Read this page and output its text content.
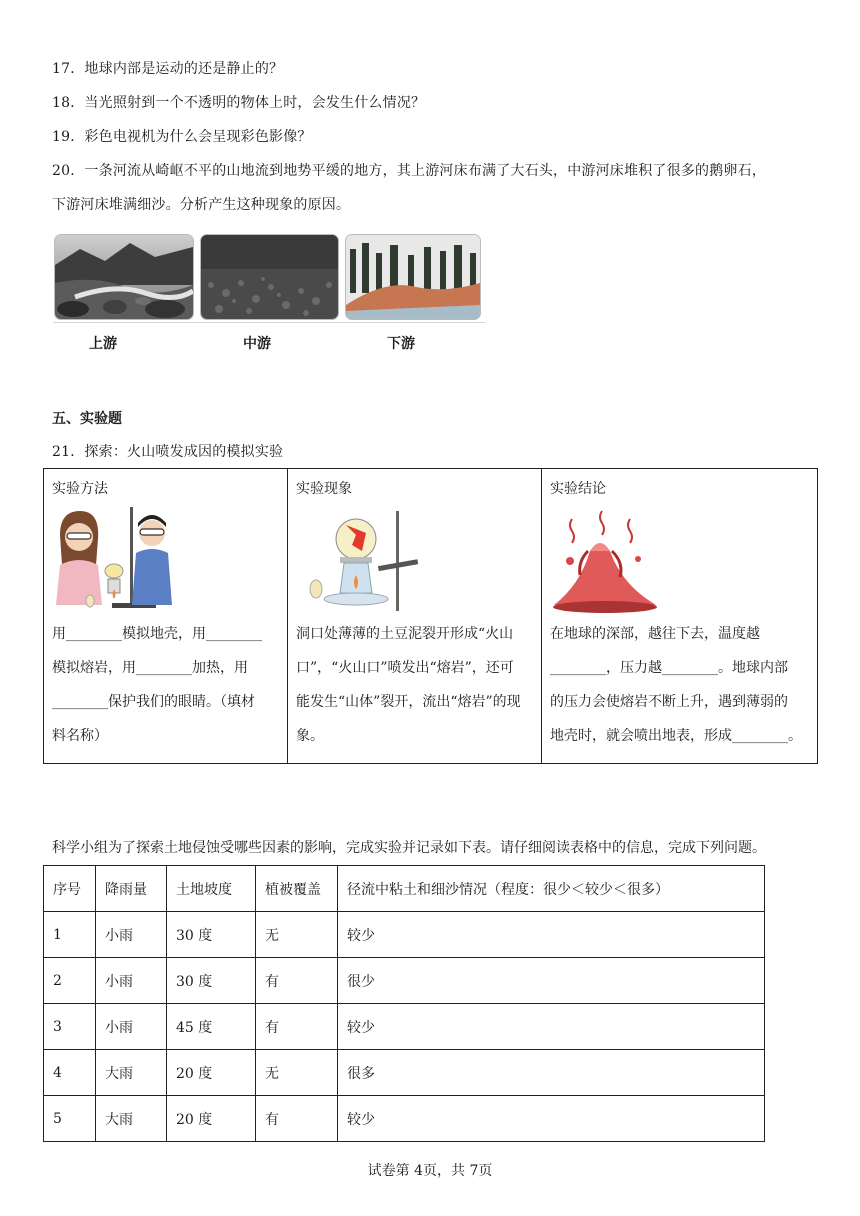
17．地球内部是运动的还是静止的？
18．当光照射到一个不透明的物体上时，会发生什么情况？
19．彩色电视机为什么会呈现彩色影像？
20．一条河流从崎岖不平的山地流到地势平缓的地方，其上游河床布满了大石头，中游河床堆积了很多的鹅卵石，
下游河床堆满细沙。分析产生这种现象的原因。
上游	中游	下游
五、实验题
21．探索：火山喷发成因的模拟实验
实验方法
用________模拟地壳，用________
模拟熔岩，用________加热，用
________保护我们的眼睛。（填材
料名称）

实验现象
洞口处薄薄的土豆泥裂开形成“火山
口”，“火山口”喷发出“熔岩”，还可
能发生“山体”裂开，流出“熔岩”的现
象。

实验结论
在地球的深部，越往下去，温度越
________，压力越________。地球内部
的压力会使熔岩不断上升，遇到薄弱的
地壳时，就会喷出地表，形成________。
科学小组为了探索土地侵蚀受哪些因素的影响，完成实验并记录如下表。请仔细阅读表格中的信息，完成下列问题。
序号	降雨量	土地坡度	植被覆盖	径流中粘土和细沙情况（程度：很少＜较少＜很多）
1	小雨	30 度	无	较少
2	小雨	30 度	有	很少
3	小雨	45 度	有	较少
4	大雨	20 度	无	很多
5	大雨	20 度	有	较少
试卷第 4页，共 7页
